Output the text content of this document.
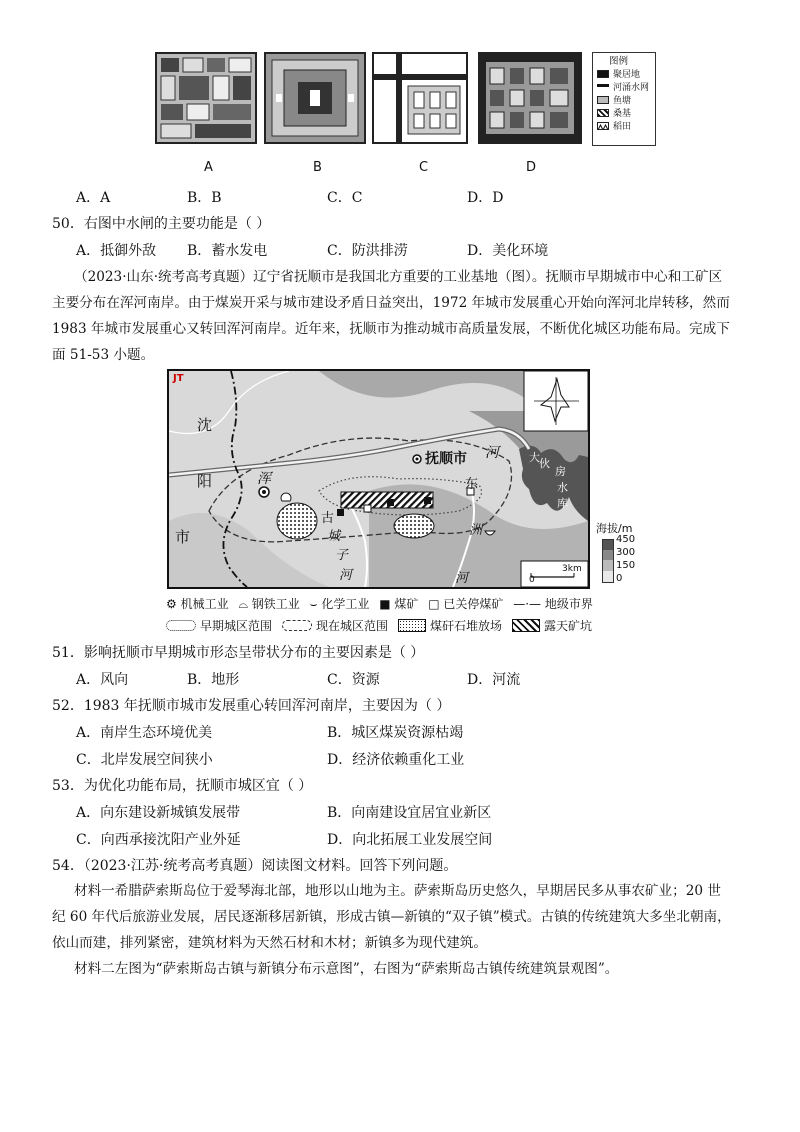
图例
聚居地
河涌水网
鱼塘
桑基
稻田
A	B	C	D
A．A	B．B	C．C	D．D
50．右图中水闸的主要功能是（ ）
A．抵御外敌 B．蓄水发电	C．防洪排涝	D．美化环境
（2023·山东·统考高考真题）辽宁省抚顺市是我国北方重要的工业基地（图）。抚顺市早期城市中心和工矿区
主要分布在浑河南岸。由于煤炭开采与城市建设矛盾日益突出，1972 年城市发展重心开始向浑河北岸转移，然而
1983 年城市发展重心又转回浑河南岸。近年来，抚顺市为推动城市高质量发展，不断优化城区功能布局。完成下
面 51-53 小题。
JT
沈
阳
市
抚顺市
浑
河
东
洲
河
古
城
子
河
大 伙
房
水
库
0
3km
海拔/m
450
300
150
0
⚙ 机械工业 ⌓ 钢铁工业 ⌣ 化学工业 ■ 煤矿 □ 已关停煤矿 —·— 地级市界
早期城区范围	现在城区范围	煤矸石堆放场	露天矿坑
51．影响抚顺市早期城市形态呈带状分布的主要因素是（ ）
A．风向	B．地形	C．资源	D．河流
52．1983 年抚顺市城市发展重心转回浑河南岸，主要因为（ ）
A．南岸生态环境优美	B．城区煤炭资源枯竭
C．北岸发展空间狭小	D．经济依赖重化工业
53．为优化功能布局，抚顺市城区宜（ ）
A．向东建设新城镇发展带	B．向南建设宜居宜业新区
C．向西承接沈阳产业外延	D．向北拓展工业发展空间
54．（2023·江苏·统考高考真题）阅读图文材料。回答下列问题。
材料一希腊萨索斯岛位于爱琴海北部，地形以山地为主。萨索斯岛历史悠久，早期居民多从事农矿业；20 世
纪 60 年代后旅游业发展，居民逐渐移居新镇，形成古镇—新镇的“双子镇”模式。古镇的传统建筑大多坐北朝南，
依山而建，排列紧密，建筑材料为天然石材和木材；新镇多为现代建筑。
材料二左图为“萨索斯岛古镇与新镇分布示意图”，右图为“萨索斯岛古镇传统建筑景观图”。
